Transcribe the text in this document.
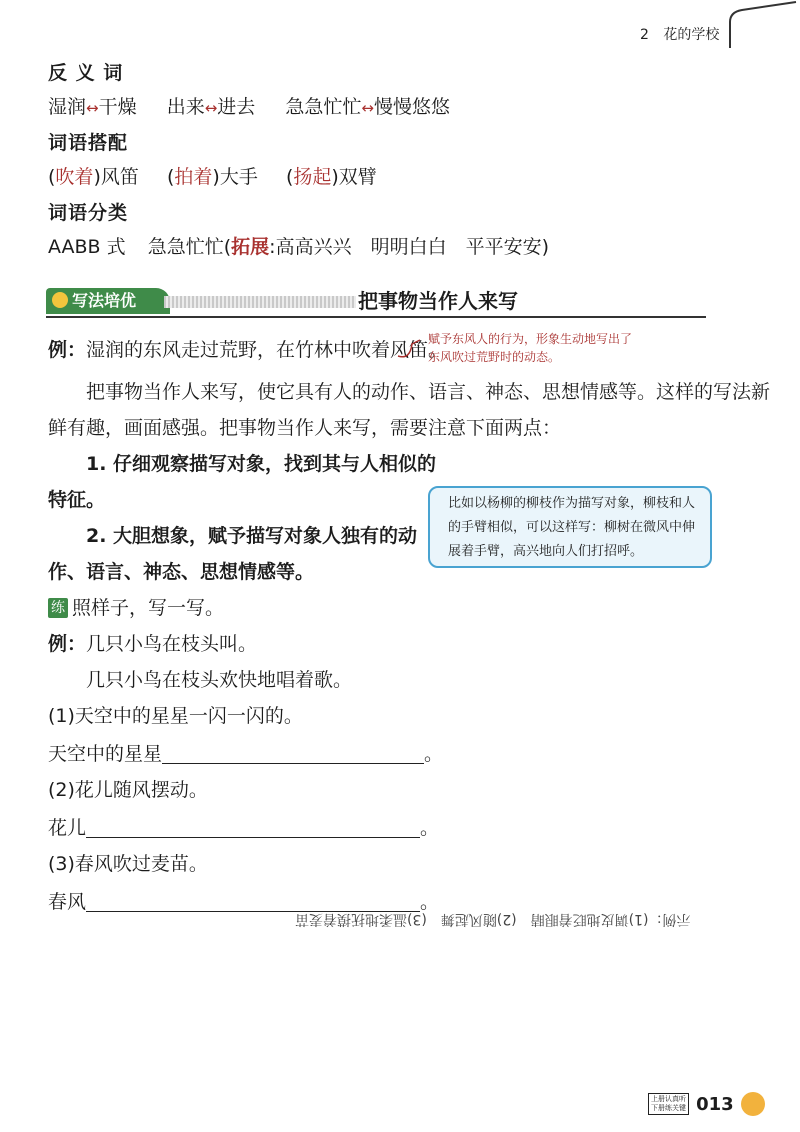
2 花的学校
反 义 词
湿润↔干燥 出来↔进去 急急忙忙↔慢慢悠悠
词语搭配
(吹着)风笛 (拍着)大手 (扬起)双臂
词语分类
AABB 式 急急忙忙(拓展:高高兴兴　明明白白　平平安安)
写法培优	把事物当作人来写
例：湿润的东风走过荒野，在竹林中吹着风笛。
赋予东风人的行为，形象生动地写出了
东风吹过荒野时的动态。
把事物当作人来写，使它具有人的动作、语言、神态、思想情感等。这样的写法新
鲜有趣，画面感强。把事物当作人来写，需要注意下面两点：
1. 仔细观察描写对象，找到其与人相似的
特征。
2. 大胆想象，赋予描写对象人独有的动
作、语言、神态、思想情感等。
比如以杨柳的柳枝作为描写对象，柳枝和人的手臂相似，可以这样写：柳树在微风中伸展着手臂，高兴地向人们打招呼。
练 照样子，写一写。
例：几只小鸟在枝头叫。
几只小鸟在枝头欢快地唱着歌。
(1)天空中的星星一闪一闪的。
天空中的星星	。
(2)花儿随风摆动。
花儿	。
(3)春风吹过麦苗。
春风	。
示例：(1)调皮地眨着眼睛　(2)随风起舞　(3)温柔地抚摸着麦苗
上册认真听
下册练关键 013
